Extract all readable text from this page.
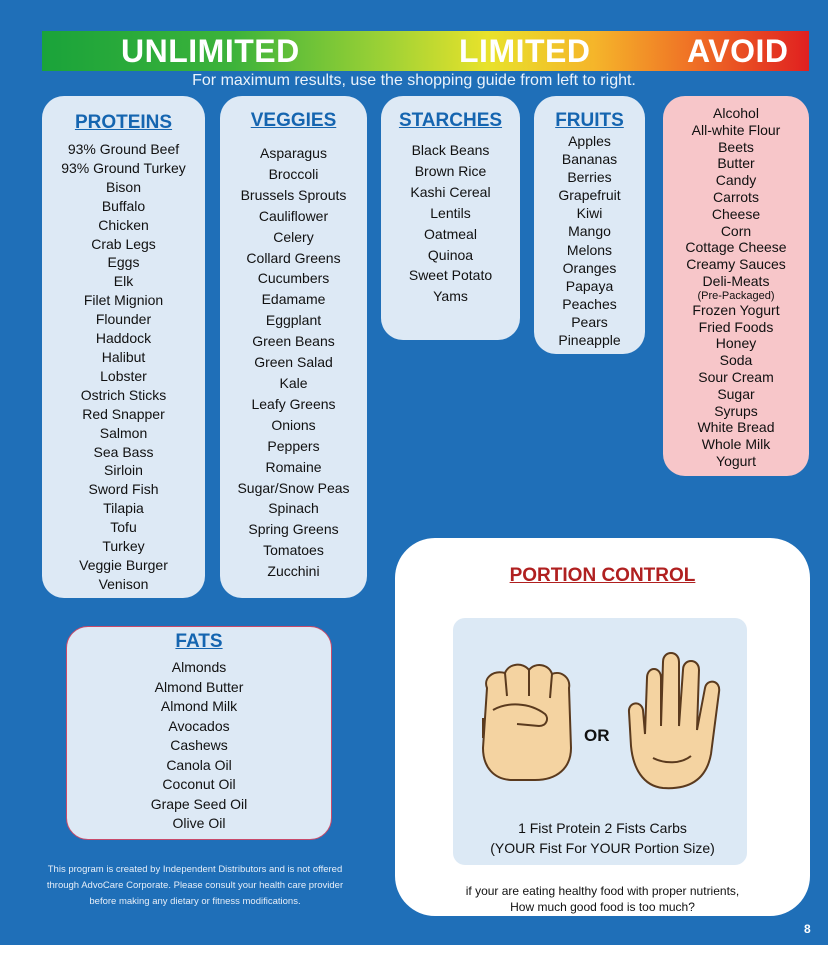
UNLIMITED	LIMITED	AVOID
For maximum results, use the shopping guide from left to right.
PROTEINS
93% Ground Beef
93% Ground Turkey
Bison
Buffalo
Chicken
Crab Legs
Eggs
Elk
Filet Mignion
Flounder
Haddock
Halibut
Lobster
Ostrich Sticks
Red Snapper
Salmon
Sea Bass
Sirloin
Sword Fish
Tilapia
Tofu
Turkey
Veggie Burger
Venison
VEGGIES
Asparagus
Broccoli
Brussels Sprouts
Cauliflower
Celery
Collard Greens
Cucumbers
Edamame
Eggplant
Green Beans
Green Salad
Kale
Leafy Greens
Onions
Peppers
Romaine
Sugar/Snow Peas
Spinach
Spring Greens
Tomatoes
Zucchini
STARCHES
Black Beans
Brown Rice
Kashi Cereal
Lentils
Oatmeal
Quinoa
Sweet Potato
Yams
FRUITS
Apples
Bananas
Berries
Grapefruit
Kiwi
Mango
Melons
Oranges
Papaya
Peaches
Pears
Pineapple
Alcohol
All-white Flour
Beets
Butter
Candy
Carrots
Cheese
Corn
Cottage Cheese
Creamy Sauces
Deli-Meats
(Pre-Packaged)
Frozen Yogurt
Fried Foods
Honey
Soda
Sour Cream
Sugar
Syrups
White Bread
Whole Milk
Yogurt
FATS
Almonds
Almond Butter
Almond Milk
Avocados
Cashews
Canola Oil
Coconut Oil
Grape Seed Oil
Olive Oil
PORTION CONTROL
OR
1 Fist Protein 2 Fists Carbs
(YOUR Fist For YOUR Portion Size)
if your are eating healthy food with proper nutrients,
How much good food is too much?
This program is created by Independent Distributors and is not offered through AdvoCare Corporate. Please consult your health care provider before making any dietary or fitness modifications.
8
